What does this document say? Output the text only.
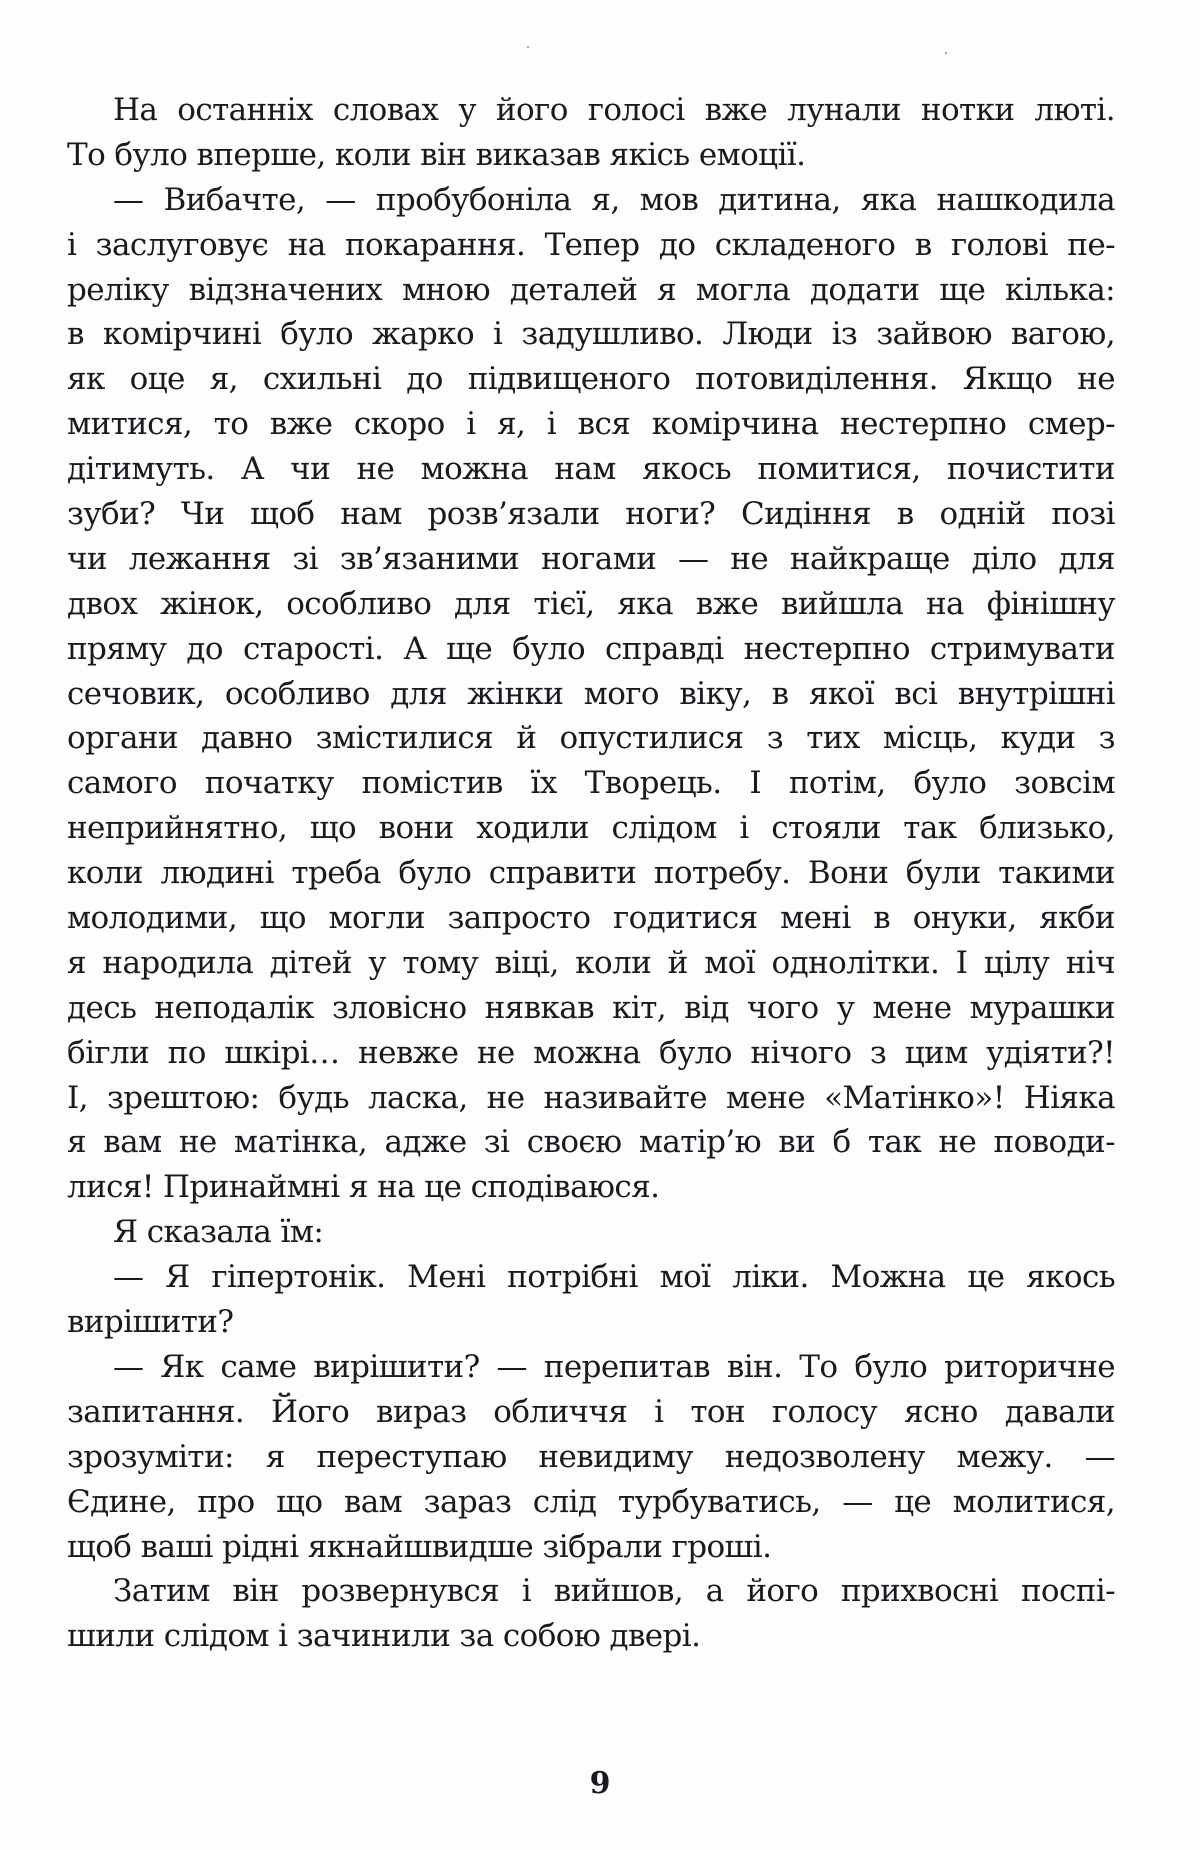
На останніх словах у його голосі вже лунали нотки люті.
То було вперше, коли він виказав якісь емоції.
— Вибачте, — пробубоніла я, мов дитина, яка нашкодила
і заслуговує на покарання. Тепер до складеного в голові пе-
реліку відзначених мною деталей я могла додати ще кілька:
в комірчині було жарко і задушливо. Люди із зайвою вагою,
як оце я, схильні до підвищеного потовиділення. Якщо не
митися, то вже скоро і я, і вся комірчина нестерпно смер-
дітимуть. А чи не можна нам якось помитися, почистити
зуби? Чи щоб нам розв’язали ноги? Сидіння в одній позі
чи лежання зі зв’язаними ногами — не найкраще діло для
двох жінок, особливо для тієї, яка вже вийшла на фінішну
пряму до старості. А ще було справді нестерпно стримувати
сечовик, особливо для жінки мого віку, в якої всі внутрішні
органи давно змістилися й опустилися з тих місць, куди з
самого початку помістив їх Творець. І потім, було зовсім
неприйнятно, що вони ходили слідом і стояли так близько,
коли людині треба було справити потребу. Вони були такими
молодими, що могли запросто годитися мені в онуки, якби
я народила дітей у тому віці, коли й мої однолітки. І цілу ніч
десь неподалік зловісно нявкав кіт, від чого у мене мурашки
бігли по шкірі… невже не можна було нічого з цим удіяти?!
І, зрештою: будь ласка, не називайте мене «Матінко»! Ніяка
я вам не матінка, адже зі своєю матір’ю ви б так не поводи-
лися! Принаймні я на це сподіваюся.
Я сказала їм:
— Я гіпертонік. Мені потрібні мої ліки. Можна це якось
вирішити?
— Як саме вирішити? — перепитав він. То було риторичне
запитання. Його вираз обличчя і тон голосу ясно давали
зрозуміти: я переступаю невидиму недозволену межу. —
Єдине, про що вам зараз слід турбуватись, — це молитися,
щоб ваші рідні якнайшвидше зібрали гроші.
Затим він розвернувся і вийшов, а його прихвосні поспі-
шили слідом і зачинили за собою двері.
9
